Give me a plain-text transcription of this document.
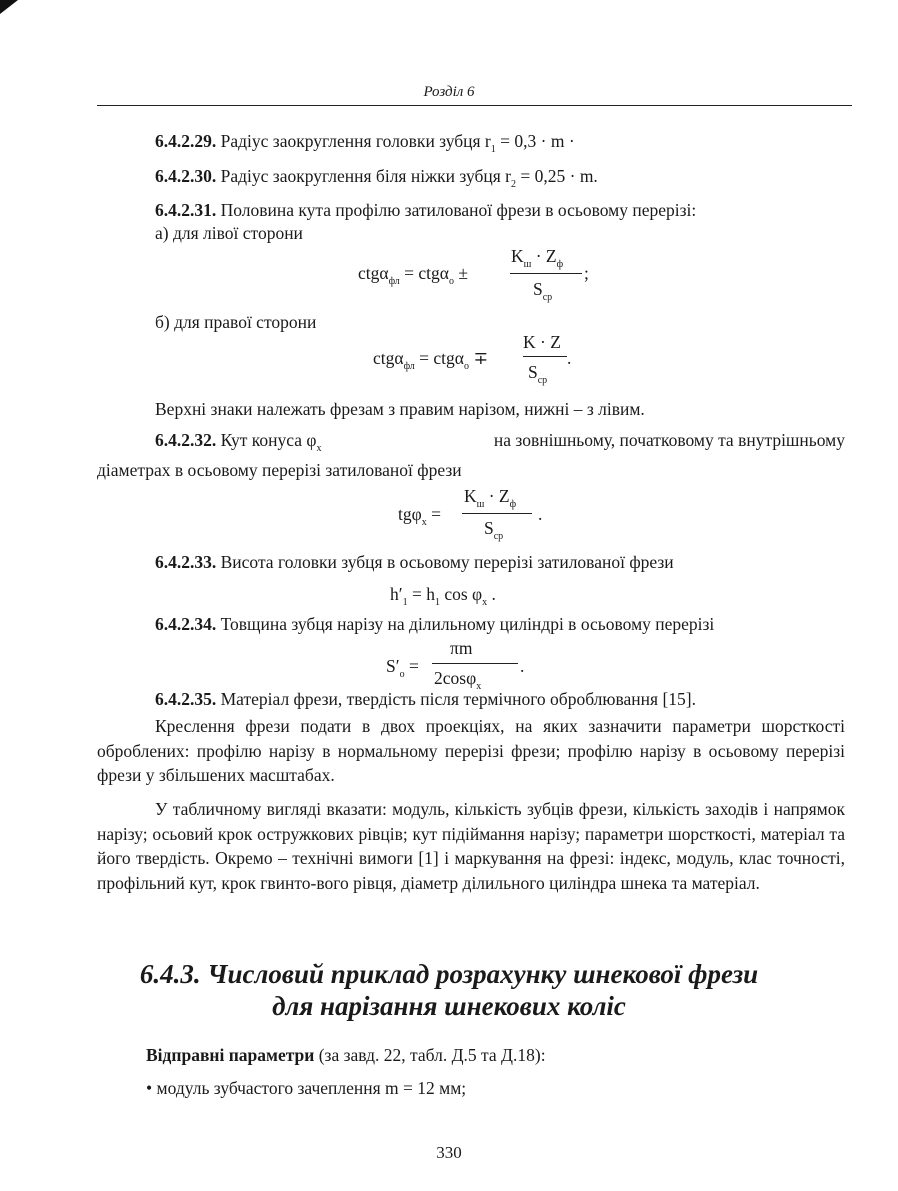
Розділ 6
6.4.2.29. Радіус заокруглення головки зубця $r_1 = 0,3 \cdot m$ ·
6.4.2.30. Радіус заокруглення біля ніжки зубця $r_2 = 0,25 \cdot m$.
6.4.2.31. Половина кута профілю затилованої фрези в осьовому перерізі:
а) для лівої сторони
ctgα$_{фл}$ = ctgα$_о$ ±
$K_ш \cdot Z_ф$
$S_{ср}$
;
б) для правої сторони
ctgα$_{фл}$ = ctgα$_о$ ∓
K · Z
$S_{ср}$
.
Верхні знаки належать фрезам з правим нарізом, нижні – з лівим.
6.4.2.32. Кут конуса $\varphi_x$	на зовнішньому, початковому та внутрішньому
діаметрах в осьовому перерізі затилованої фрези
tgφ$_x$ =
$K_ш \cdot Z_ф$
$S_{ср}$
.
6.4.2.33. Висота головки зубця в осьовому перерізі затилованої фрези
$h'_1 = h_1$ $\cos \varphi_x$ .
6.4.2.34. Товщина зубця нарізу на ділильному циліндрі в осьовому перерізі
$S'_о$ =
πm
2cosφ$_x$
.
6.4.2.35. Матеріал фрези, твердість після термічного оброблювання [15].
Креслення фрези подати в двох проекціях, на яких зазначити параметри шорсткості оброблених: профілю нарізу в нормальному перерізі фрези; профілю нарізу в осьовому перерізі фрези у збільшених масштабах.
У табличному вигляді вказати: модуль, кількість зубців фрези, кількість заходів і напрямок нарізу; осьовий крок остружкових рівців; кут підіймання нарізу; параметри шорсткості, матеріал та його твердість. Окремо – технічні вимоги [1] і маркування на фрезі: індекс, модуль, клас точності, профільний кут, крок гвинто-вого рівця, діаметр ділильного циліндра шнека та матеріал.
6.4.3. Числовий приклад розрахунку шнекової фрези
для нарізання шнекових коліс
Відправні параметри (за завд. 22, табл. Д.5 та Д.18):
• модуль зубчастого зачеплення m = 12 мм;
330
